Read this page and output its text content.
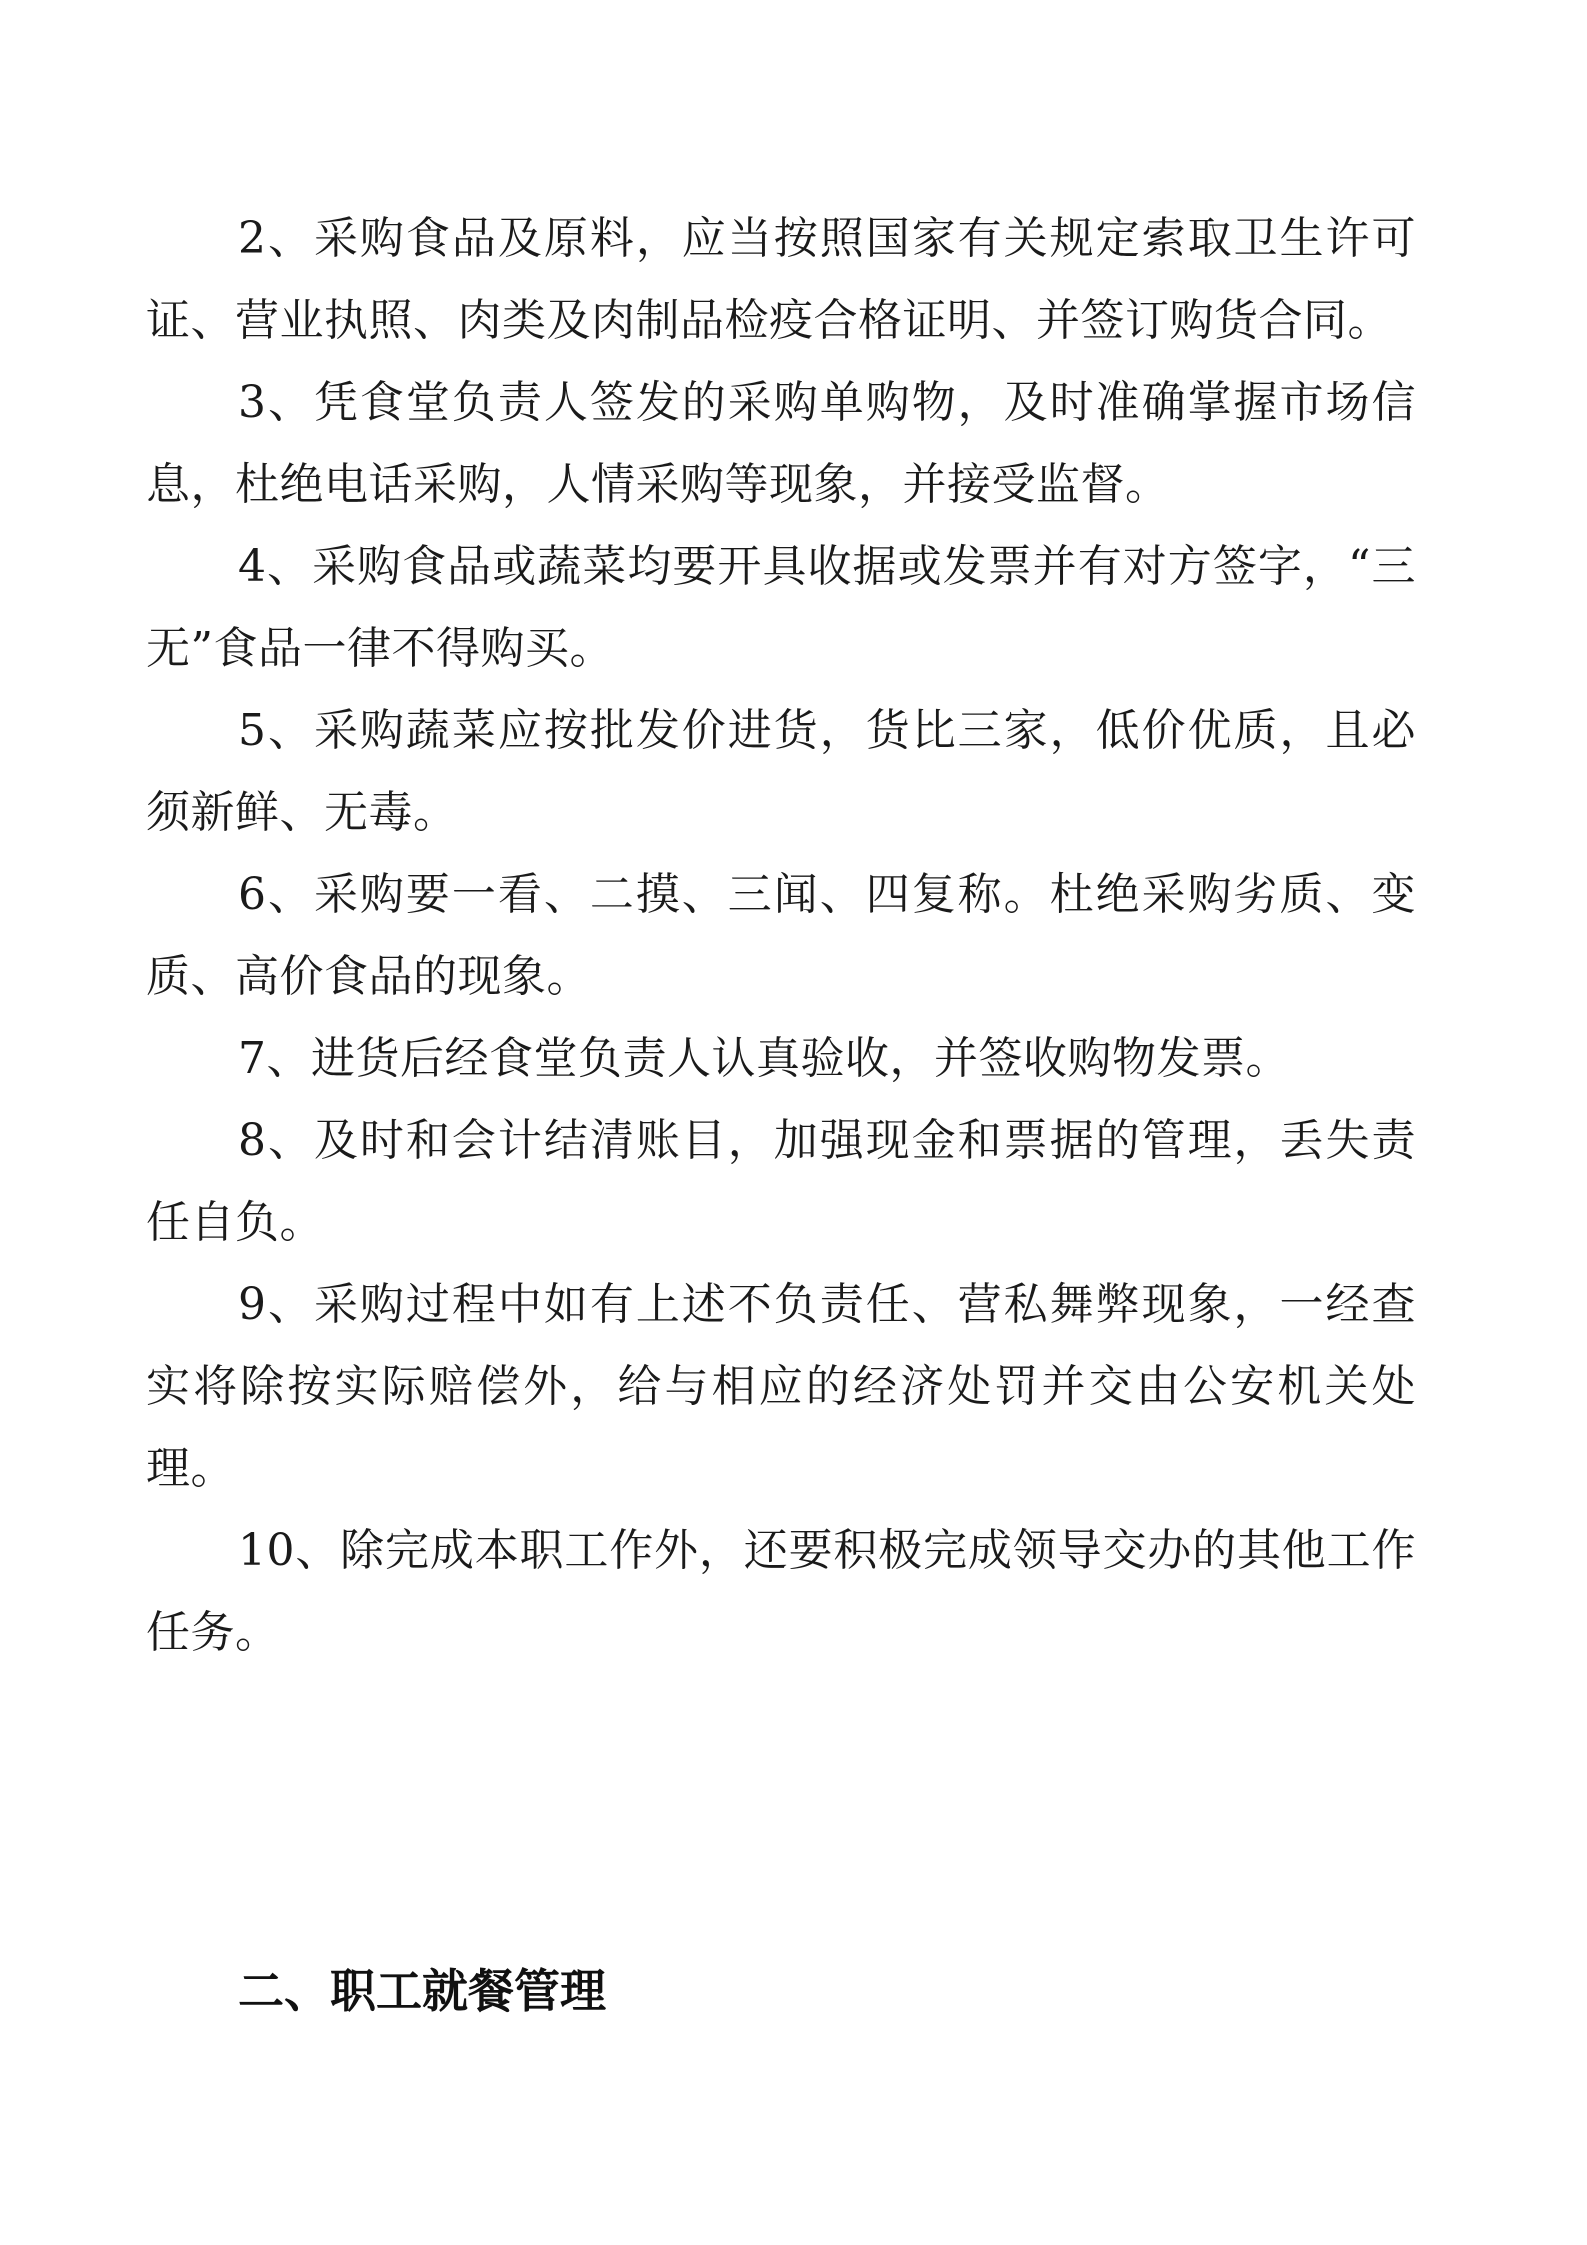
2、采购食品及原料，应当按照国家有关规定索取卫生许可证、营业执照、肉类及肉制品检疫合格证明、并签订购货合同。

3、凭食堂负责人签发的采购单购物，及时准确掌握市场信息，杜绝电话采购，人情采购等现象，并接受监督。

4、采购食品或蔬菜均要开具收据或发票并有对方签字，“三无”食品一律不得购买。

5、采购蔬菜应按批发价进货，货比三家，低价优质，且必须新鲜、无毒。

6、采购要一看、二摸、三闻、四复称。杜绝采购劣质、变质、高价食品的现象。

7、进货后经食堂负责人认真验收，并签收购物发票。

8、及时和会计结清账目，加强现金和票据的管理，丢失责任自负。

9、采购过程中如有上述不负责任、营私舞弊现象，一经查实将除按实际赔偿外，给与相应的经济处罚并交由公安机关处理。

10、除完成本职工作外，还要积极完成领导交办的其他工作任务。

二、职工就餐管理
